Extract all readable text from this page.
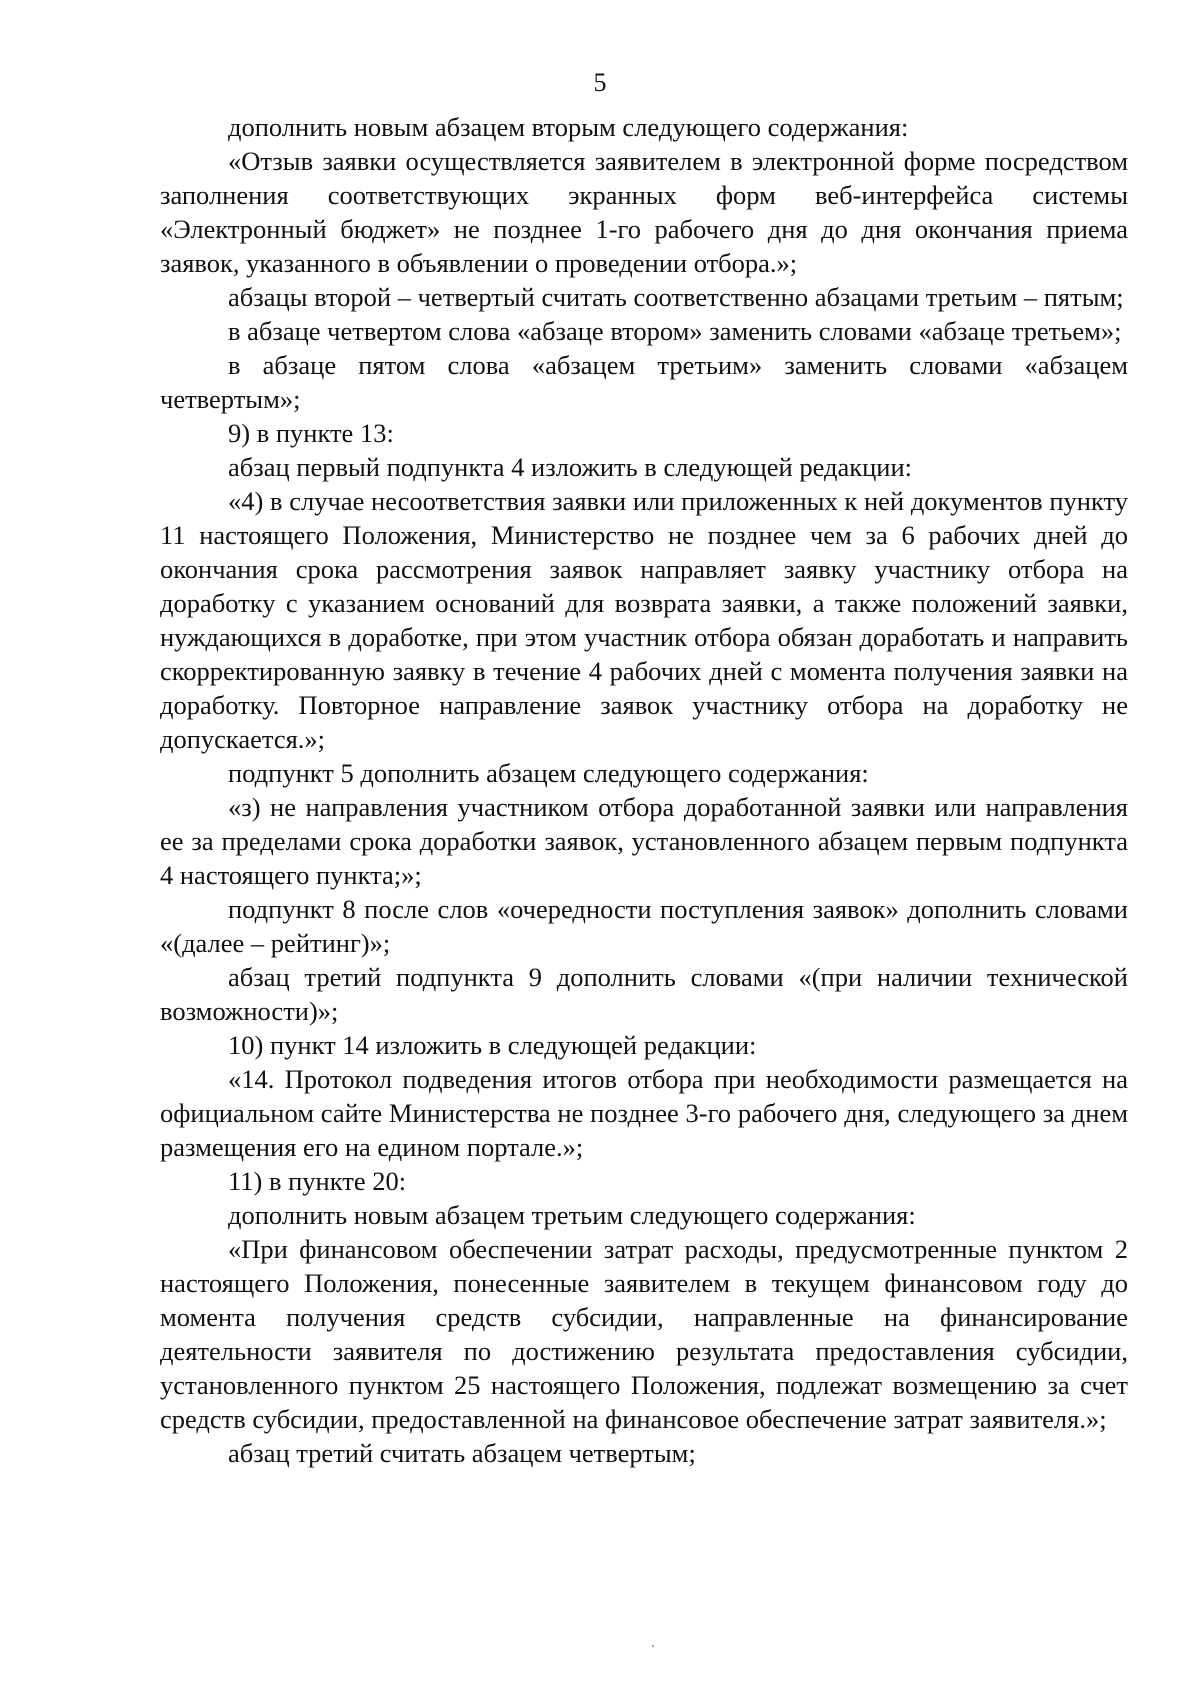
5

дополнить новым абзацем вторым следующего содержания:

«Отзыв заявки осуществляется заявителем в электронной форме посредством заполнения соответствующих экранных форм веб-интерфейса системы «Электронный бюджет» не позднее 1-го рабочего дня до дня окончания приема заявок, указанного в объявлении о проведении отбора.»;

абзацы второй – четвертый считать соответственно абзацами третьим – пятым;

в абзаце четвертом слова «абзаце втором» заменить словами «абзаце третьем»;

в абзаце пятом слова «абзацем третьим» заменить словами «абзацем четвертым»;

9) в пункте 13:

абзац первый подпункта 4 изложить в следующей редакции:

«4) в случае несоответствия заявки или приложенных к ней документов пункту 11 настоящего Положения, Министерство не позднее чем за 6 рабочих дней до окончания срока рассмотрения заявок направляет заявку участнику отбора на доработку с указанием оснований для возврата заявки, а также положений заявки, нуждающихся в доработке, при этом участник отбора обязан доработать и направить скорректированную заявку в течение 4 рабочих дней с момента получения заявки на доработку. Повторное направление заявок участнику отбора на доработку не допускается.»;

подпункт 5 дополнить абзацем следующего содержания:

«з) не направления участником отбора доработанной заявки или направления ее за пределами срока доработки заявок, установленного абзацем первым подпункта 4 настоящего пункта;»;

подпункт 8 после слов «очередности поступления заявок» дополнить словами «(далее – рейтинг)»;

абзац третий подпункта 9 дополнить словами «(при наличии технической возможности)»;

10) пункт 14 изложить в следующей редакции:

«14. Протокол подведения итогов отбора при необходимости размещается на официальном сайте Министерства не позднее 3-го рабочего дня, следующего за днем размещения его на едином портале.»;

11) в пункте 20:

дополнить новым абзацем третьим следующего содержания:

«При финансовом обеспечении затрат расходы, предусмотренные пунктом 2 настоящего Положения, понесенные заявителем в текущем финансовом году до момента получения средств субсидии, направленные на финансирование деятельности заявителя по достижению результата предоставления субсидии, установленного пунктом 25 настоящего Положения, подлежат возмещению за счет средств субсидии, предоставленной на финансовое обеспечение затрат заявителя.»;

абзац третий считать абзацем четвертым;
